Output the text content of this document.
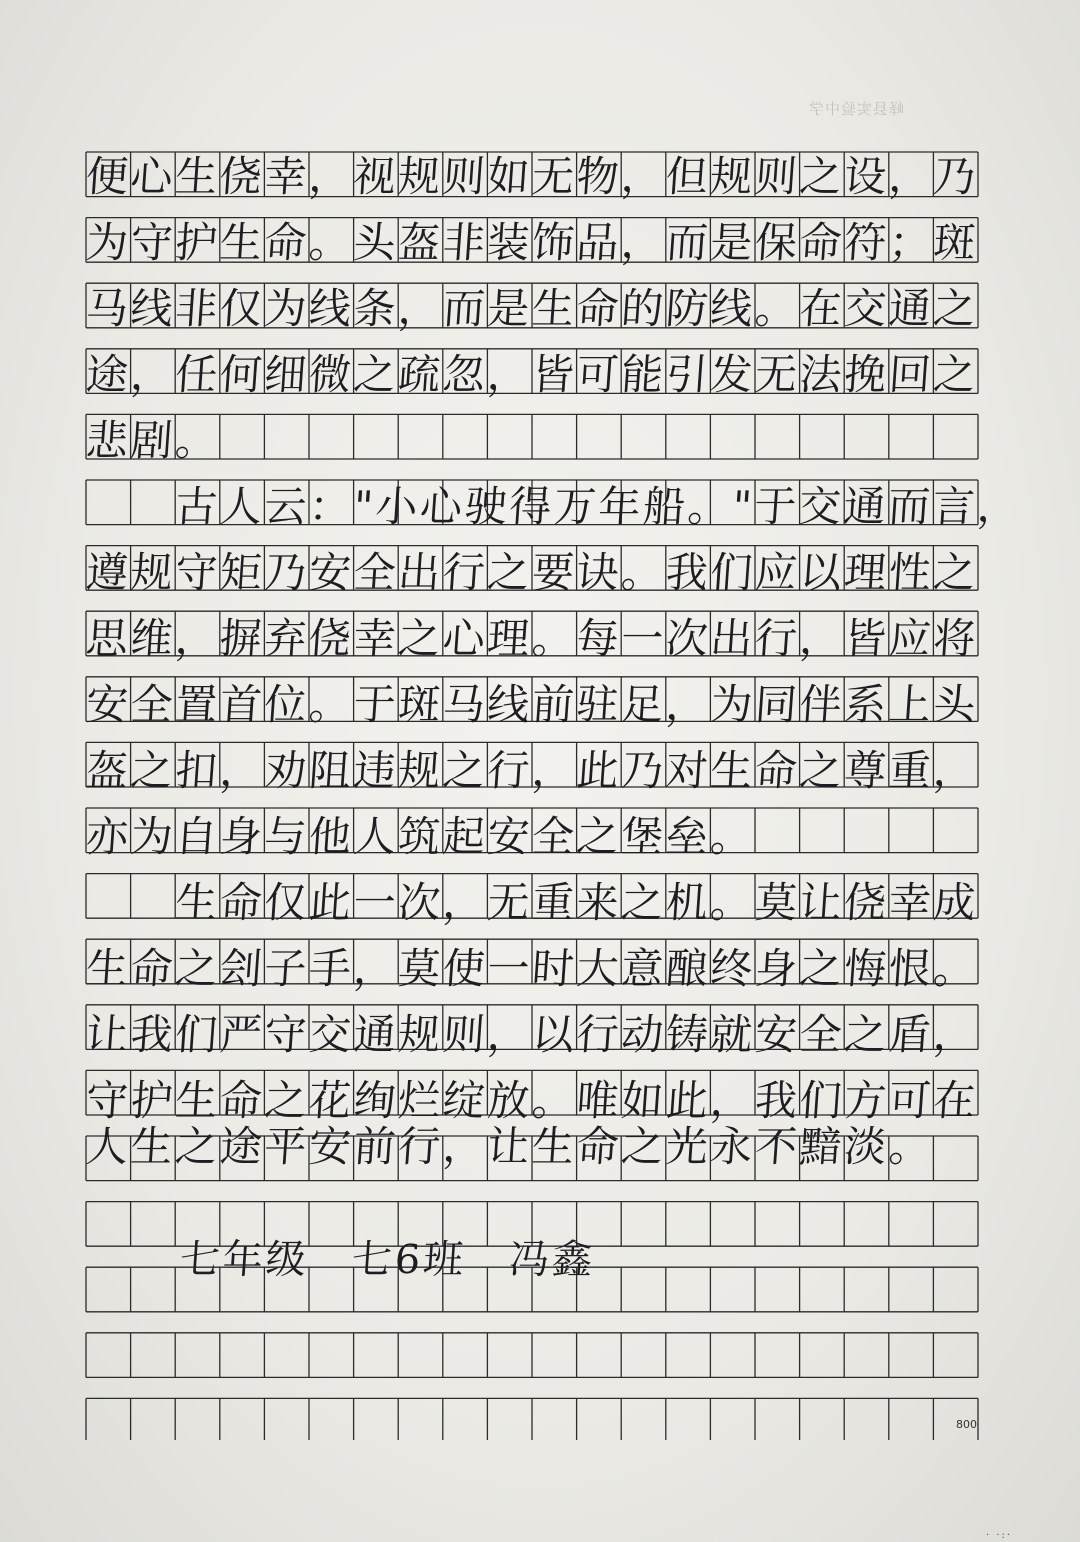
峄县实验中学
便心生侥幸，视规则如无物，但规则之设，乃
为守护生命。头盔非装饰品，而是保命符；斑
马线非仅为线条，而是生命的防线。在交通之
途，任何细微之疏忽，皆可能引发无法挽回之
悲剧。
　　古人云："小心驶得万年船。"于交通而言，
遵规守矩乃安全出行之要诀。我们应以理性之
思维，摒弃侥幸之心理。每一次出行，皆应将
安全置首位。于斑马线前驻足，为同伴系上头
盔之扣，劝阻违规之行，此乃对生命之尊重，
亦为自身与他人筑起安全之堡垒。
　　生命仅此一次，无重来之机。莫让侥幸成
生命之刽子手，莫使一时大意酿终身之悔恨。
让我们严守交通规则，以行动铸就安全之盾，
守护生命之花绚烂绽放。唯如此，我们方可在
人生之途平安前行，让生命之光永不黯淡。
七年级　七6班　冯鑫
800
· ·:·
